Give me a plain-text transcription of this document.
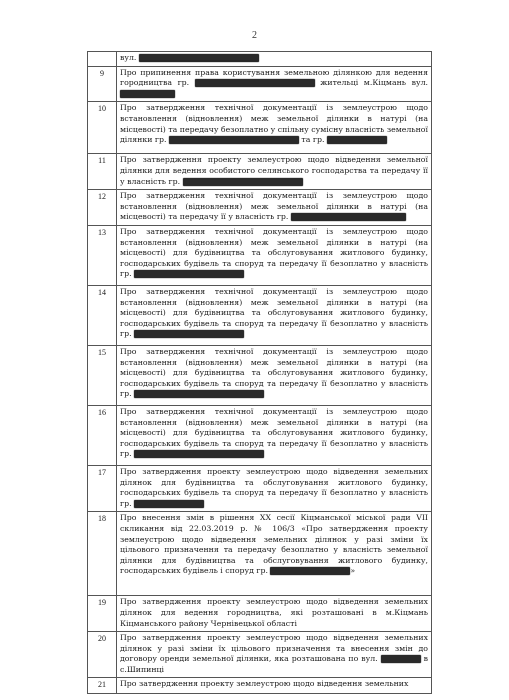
2
	вул.
9	Про припинення права користування земельною ділянкою для ведення городництва гр. жительці м.Кіцмань вул.
10	Про затвердження технічної документації із землеустрою щодо встановлення (відновлення) меж земельної ділянки в натурі (на місцевості) та передачу безоплатно у спільну сумісну власність земельної ділянки гр. та гр.
11	Про затвердження проекту землеустрою щодо відведення земельної ділянки для ведення особистого селянського господарства та передачу її у власність гр.
12	Про затвердження технічної документації із землеустрою щодо встановлення (відновлення) меж земельної ділянки в натурі (на місцевості) та передачу її у власність гр.
13	Про затвердження технічної документації із землеустрою щодо встановлення (відновлення) меж земельної ділянки в натурі (на місцевості) для будівництва та обслуговування житлового будинку, господарських будівель та споруд та передачу її безоплатно у власність гр.
14	Про затвердження технічної документації із землеустрою щодо встановлення (відновлення) меж земельної ділянки в натурі (на місцевості) для будівництва та обслуговування житлового будинку, господарських будівель та споруд та передачу її безоплатно у власність гр.
15	Про затвердження технічної документації із землеустрою щодо встановлення (відновлення) меж земельної ділянки в натурі (на місцевості) для будівництва та обслуговування житлового будинку, господарських будівель та споруд та передачу її безоплатно у власність гр.
16	Про затвердження технічної документації із землеустрою щодо встановлення (відновлення) меж земельної ділянки в натурі (на місцевості) для будівництва та обслуговування житлового будинку, господарських будівель та споруд та передачу її безоплатно у власність гр.
17	Про затвердження проекту землеустрою щодо відведення земельних ділянок для будівництва та обслуговування житлового будинку, господарських будівель та споруд та передачу її безоплатно у власність гр.
18	Про внесення змін в рішення ХХ сесії Кіцманської міської ради VII скликання від 22.03.2019 р. № 106/3 «Про затвердження проекту землеустрою щодо відведення земельних ділянок у разі зміни їх цільового призначення та передачу безоплатно у власність земельної ділянки для будівництва та обслуговування житлового будинку, господарських будівель і споруд гр. »
19	Про затвердження проекту землеустрою щодо відведення земельних ділянок для ведення городництва, які розташовані в м.Кіцмань Кіцманського району Чернівецької області
20	Про затвердження проекту землеустрою щодо відведення земельних ділянок у разі зміни їх цільового призначення та внесення змін до договору оренди земельної ділянки, яка розташована по вул. в с.Шипинці
21	Про затвердження проекту землеустрою щодо відведення земельних
